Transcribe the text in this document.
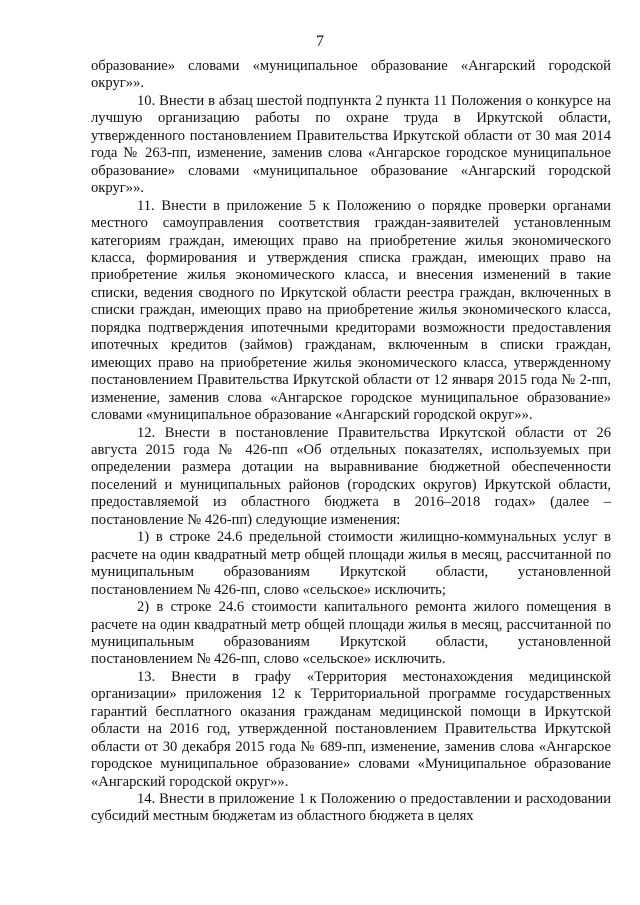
7

образование» словами «муниципальное образование «Ангарский городской округ»».

10. Внести в абзац шестой подпункта 2 пункта 11 Положения о конкурсе на лучшую организацию работы по охране труда в Иркутской области, утвержденного постановлением Правительства Иркутской области от 30 мая 2014 года № 263-пп, изменение, заменив слова «Ангарское городское муниципальное образование» словами «муниципальное образование «Ангарский городской округ»».

11. Внести в приложение 5 к Положению о порядке проверки органами местного самоуправления соответствия граждан-заявителей установленным категориям граждан, имеющих право на приобретение жилья экономического класса, формирования и утверждения списка граждан, имеющих право на приобретение жилья экономического класса, и внесения изменений в такие списки, ведения сводного по Иркутской области реестра граждан, включенных в списки граждан, имеющих право на приобретение жилья экономического класса, порядка подтверждения ипотечными кредиторами возможности предоставления ипотечных кредитов (займов) гражданам, включенным в списки граждан, имеющих право на приобретение жилья экономического класса, утвержденному постановлением Правительства Иркутской области от 12 января 2015 года № 2-пп, изменение, заменив слова «Ангарское городское муниципальное образование» словами «муниципальное образование «Ангарский городской округ»».

12. Внести в постановление Правительства Иркутской области от 26 августа 2015 года № 426-пп «Об отдельных показателях, используемых при определении размера дотации на выравнивание бюджетной обеспеченности поселений и муниципальных районов (городских округов) Иркутской области, предоставляемой из областного бюджета в 2016–2018 годах» (далее – постановление № 426-пп) следующие изменения:

1) в строке 24.6 предельной стоимости жилищно-коммунальных услуг в расчете на один квадратный метр общей площади жилья в месяц, рассчитанной по муниципальным образованиям Иркутской области, установленной постановлением № 426-пп, слово «сельское» исключить;

2) в строке 24.6 стоимости капитального ремонта жилого помещения в расчете на один квадратный метр общей площади жилья в месяц, рассчитанной по муниципальным образованиям Иркутской области, установленной постановлением № 426-пп, слово «сельское» исключить.

13. Внести в графу «Территория местонахождения медицинской организации» приложения 12 к Территориальной программе государственных гарантий бесплатного оказания гражданам медицинской помощи в Иркутской области на 2016 год, утвержденной постановлением Правительства Иркутской области от 30 декабря 2015 года № 689-пп, изменение, заменив слова «Ангарское городское муниципальное образование» словами «Муниципальное образование «Ангарский городской округ»».

14. Внести в приложение 1 к Положению о предоставлении и расходовании субсидий местным бюджетам из областного бюджета в целях
